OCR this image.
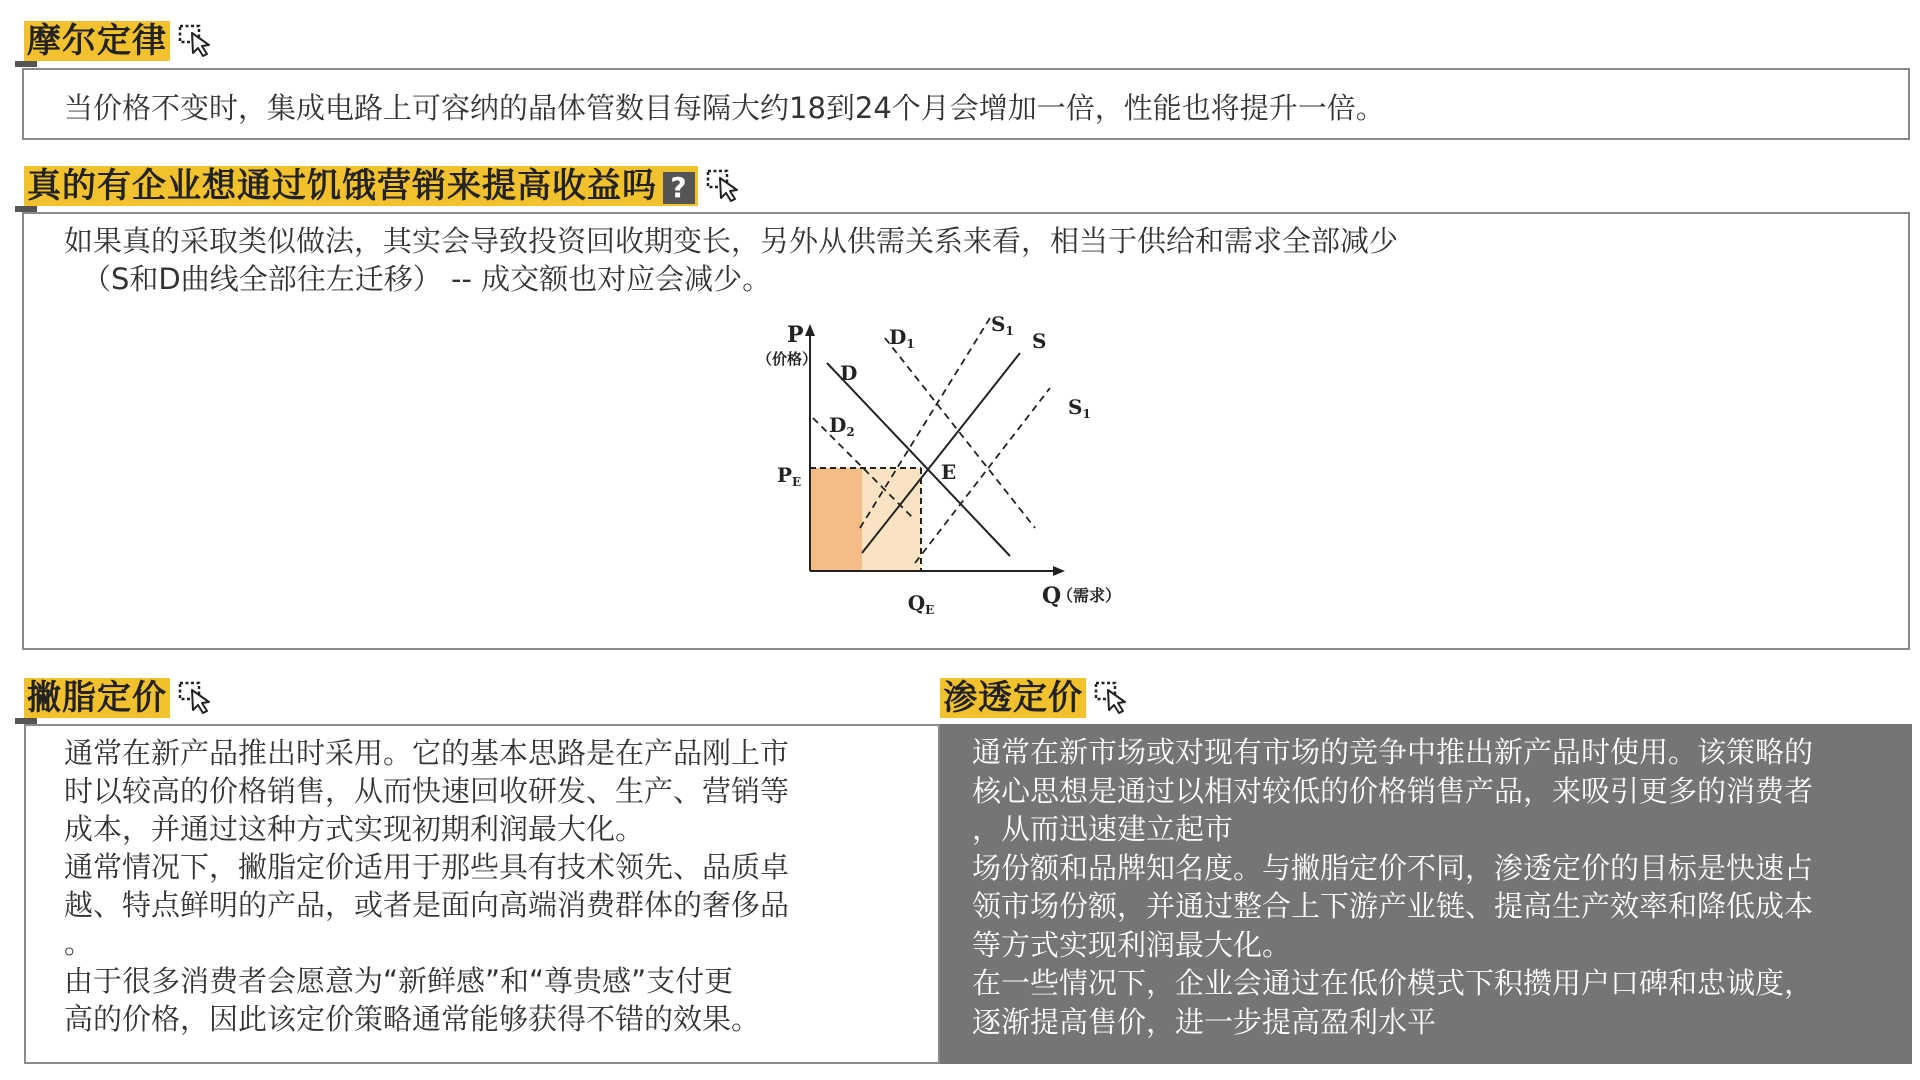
摩尔定律

当价格不变时，集成电路上可容纳的晶体管数目每隔大约18到24个月会增加一倍，性能也将提升一倍。

真的有企业想通过饥饿营销来提高收益吗 ?
如果真的采取类似做法，其实会导致投资回收期变长，另外从供需关系来看，相当于供给和需求全部减少
（S和D曲线全部往左迁移） -- 成交额也对应会减少。
P
（价格）
$P_E$
$Q_E$
Q
（需求）
E
D
S
$D_1$
$D_2$
$S_1$
$S_1$
撇脂定价
通常在新产品推出时采用。它的基本思路是在产品刚上市
时以较高的价格销售，从而快速回收研发、生产、营销等
成本，并通过这种方式实现初期利润最大化。
通常情况下，撇脂定价适用于那些具有技术领先、品质卓
越、特点鲜明的产品，或者是面向高端消费群体的奢侈品
。
由于很多消费者会愿意为“新鲜感”和“尊贵感”支付更
高的价格，因此该定价策略通常能够获得不错的效果。
渗透定价
通常在新市场或对现有市场的竞争中推出新产品时使用。该策略的
核心思想是通过以相对较低的价格销售产品，来吸引更多的消费者
，从而迅速建立起市
场份额和品牌知名度。与撇脂定价不同，渗透定价的目标是快速占
领市场份额，并通过整合上下游产业链、提高生产效率和降低成本
等方式实现利润最大化。
在一些情况下，企业会通过在低价模式下积攒用户口碑和忠诚度，
逐渐提高售价，进一步提高盈利水平
